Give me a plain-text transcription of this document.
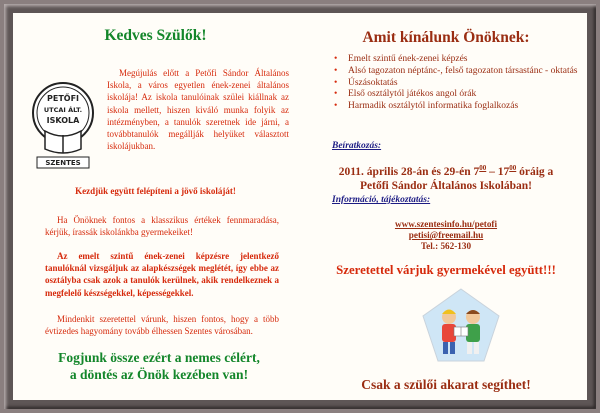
Kedves Szülők!
PETŐFI
UTCAI ÁLT.
ISKOLA
SZENTES
Megújulás előtt a Petőfi Sándor Általános Iskola, a város egyetlen ének-zenei általános iskolája! Az iskola tanulóinak szülei kiállnak az iskola mellett, hiszen kiváló munka folyik az intézményben, a tanulók szeretnek ide járni, a továbbtanulók megállják helyüket választott iskolájukban.
Kezdjük együtt felépíteni a jövő iskoláját!
Ha Önöknek fontos a klasszikus értékek fennmaradása, kérjük, írassák iskolánkba gyermekeiket!
Az emelt szintű ének-zenei képzésre jelentkező tanulóknál vizsgáljuk az alapkészségek meglétét, így ebbe az osztályba csak azok a tanulók kerülnek, akik rendelkeznek a megfelelő készségekkel, képességekkel.
Mindenkit szeretettel várunk, hiszen fontos, hogy a több évtizedes hagyomány tovább élhessen Szentes városában.
Fogjunk össze ezért a nemes célért,
a döntés az Önök kezében van!
Amit kínálunk Önöknek:
• Emelt szintű ének-zenei képzés
• Alsó tagozaton néptánc-, felső tagozaton társastánc - oktatás
• Úszásoktatás
• Első osztálytól játékos angol órák
• Harmadik osztálytól informatika foglalkozás
Beíratkozás:
2011. április 28-án és 29-én $7^{00} - 17^{00}$ óráig a
Petőfi Sándor Általános Iskolában!
Információ, tájékoztatás:
www.szentesinfo.hu/petofi
petisi@freemail.hu
Tel.: 562-130
Szeretettel várjuk gyermekével együtt!!!
Csak a szülői akarat segíthet!
